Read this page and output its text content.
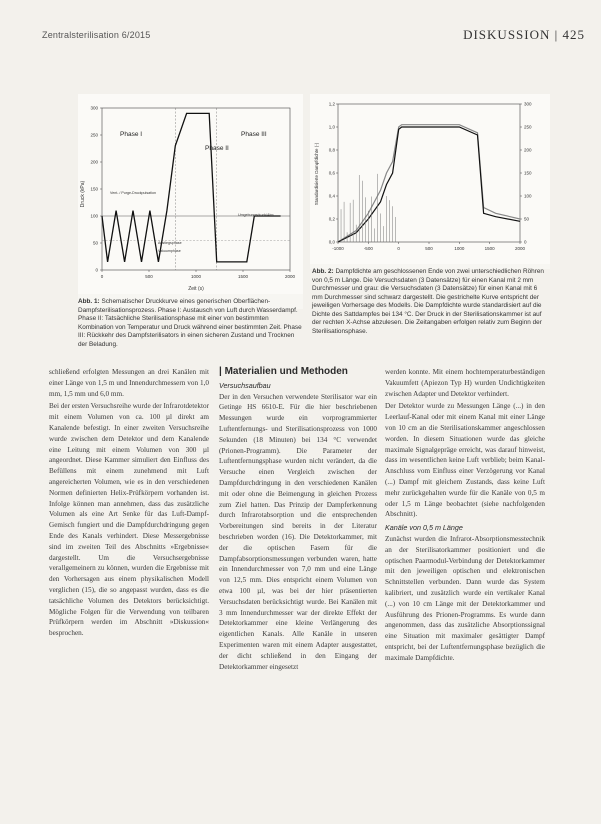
Zentralsterilisation 6/2015	DISKUSSION | 425
Druck (kPa)
Zeit (s)
300
250
200
150
100
50
0
0	500	1000	1500	2000
Phase I
Phase II
Phase III
Vent- / Purge-Druckpulsation
Umgebungsdruck/Atm.
Anstiegsphase
Vakuumphase
Abb. 1: Schematischer Druckkurve eines generischen Oberflächen-Dampfsterilisationsprozess. Phase I: Austausch von Luft durch Wasserdampf. Phase II: Tatsächliche Sterilisationsphase mit einer von bestimmten Kombination von Temperatur und Druck während einer bestimmten Zeit. Phase III: Rückkehr des Dampfsterilisators in einen sicheren Zustand und Trocknen der Beladung.
Standardisierte Dampfdichte (-)
1,2
1,0
0,8
0,6
0,4
0,2
0,0
300
250
200
150
100
50
0
-1000	-500	0	500	1000	1500	2000
Abb. 2: Dampfdichte am geschlossenen Ende von zwei unterschiedlichen Röhren von 0,5 m Länge. Die Versuchsdaten (3 Datensätze) für einen Kanal mit 2 mm Durchmesser und grau: die Versuchsdaten (3 Datensätze) für einen Kanal mit 6 mm Durchmesser sind schwarz dargestellt. Die gestrichelte Kurve entspricht der jeweiligen Vorhersage des Modells. Die Dampfdichte wurde standardisiert auf die Dichte des Sattdampfes bei 134 °C. Der Druck in der Sterilisationskammer ist auf der rechten X-Achse abzulesen. Die Zeitangaben erfolgen relativ zum Beginn der Sterilisationsphase.

schließend erfolgten Messungen an drei Kanälen mit einer Länge von 1,5 m und Innendurchmessern von 1,0 mm, 1,5 mm und 6,0 mm.

Bei der ersten Versuchsreihe wurde der Infrarotdetektor mit einem Volumen von ca. 100 µl direkt am Kanalende befestigt. In einer zweiten Versuchsreihe wurde zwischen dem Detektor und dem Kanalende eine Leitung mit einem Volumen von 300 µl angeordnet. Diese Kammer simuliert den Einfluss des Befüllens mit einem zunehmend mit Luft angereicherten Volumen, wie es in den verschiedenen Normen definierten Helix-Prüfkörpern vorhanden ist. Infolge können man annehmen, dass das zusätzliche Volumen als eine Art Senke für das Luft-Dampf-Gemisch fungiert und die Dampfdurchdringung gegen Ende des Kanals verhindert. Diese Messergebnisse sind im zweiten Teil des Abschnitts »Ergebnisse« dargestellt. Um die Versuchsergebnisse verallgemeinern zu können, wurden die Ergebnisse mit den Vorhersagen aus einem physikalischen Modell verglichen (15), die so angepasst wurden, dass es die tatsächliche Volumen des Detektors berücksichtigt. Mögliche Folgen für die Verwendung von teilbaren Prüfkörpern werden im Abschnitt »Diskussion« besprochen.

| Materialien und Methoden
Versuchsaufbau

Der in den Versuchen verwendete Sterilisator war ein Getinge HS 6610-E. Für die hier beschriebenen Messungen wurde ein vorprogrammierter Luftentfernungs- und Sterilisationsprozess von 1000 Sekunden (18 Minuten) bei 134 °C verwendet (Prionen-Programm). Die Parameter der Luftentfernungsphase wurden nicht verändert, da die Versuche einen Vergleich zwischen der Dampfdurchdringung in den verschiedenen Kanälen mit oder ohne die Beimengung in gleichen Prozess zum Ziel hatten. Das Prinzip der Dampferkennung durch Infrarotabsorption und die entsprechenden Vorbereitungen sind bereits in der Literatur beschrieben worden (16). Die Detektorkammer, mit der die optischen Fasern für die Dampfabsorptionsmessungen verbunden waren, hatte ein Innendurchmesser von 7,0 mm und eine Länge von 12,5 mm. Dies entspricht einem Volumen von etwa 100 µl, was bei der hier präsentierten Versuchsdaten berücksichtigt wurde. Bei Kanälen mit 3 mm Innendurchmesser war der direkte Effekt der Detektorkammer eine kleine Verlängerung des eigentlichen Kanals. Alle Kanäle in unseren Experimenten waren mit einem Adapter ausgestattet, der dicht schließend in den Eingang der Detektorkammer eingesetzt

werden konnte. Mit einem hochtemperaturbeständigen Vakuumfett (Apiezon Typ H) wurden Undichtigkeiten zwischen Adapter und Detektor verhindert.

Der Detektor wurde zu Messungen Länge (...) in den Leerlauf-Kanal oder mit einem Kanal mit einer Länge von 10 cm an die Sterilisationskammer angeschlossen worden. In diesem Situationen wurde das gleiche maximale Signalgepräge erreicht, was darauf hinweist, dass im wesentlichen keine Luft verblieb; beim Kanal-Anschluss vom Einfluss einer Verzögerung vor Kanal (...) Dampf mit gleichem Zustands, dass keine Luft mehr zurückgehalten wurde für die Kanäle von 0,5 m oder 1,5 m Länge beobachtet (siehe nachfolgenden Abschnitt).

Kanäle von 0,5 m Länge

Zunächst wurden die Infrarot-Absorptionsmesstechnik an der Sterilisatorkammer positioniert und die optischen Paarmodul-Verbindung der Detektorkammer mit den jeweiligen optischen und elektronischen Schnittstellen verbunden. Dann wurde das System kalibriert, und zusätzlich wurde ein vertikaler Kanal (...) von 10 cm Länge mit der Detektorkammer und Ausführung des Prionen-Programms. Es wurde dann angenommen, dass das zusätzliche Absorptionssignal eine Situation mit maximaler gesättigter Dampf entspricht, bei der Luftentfernungsphase bezüglich die maximale Dampfdichte.
